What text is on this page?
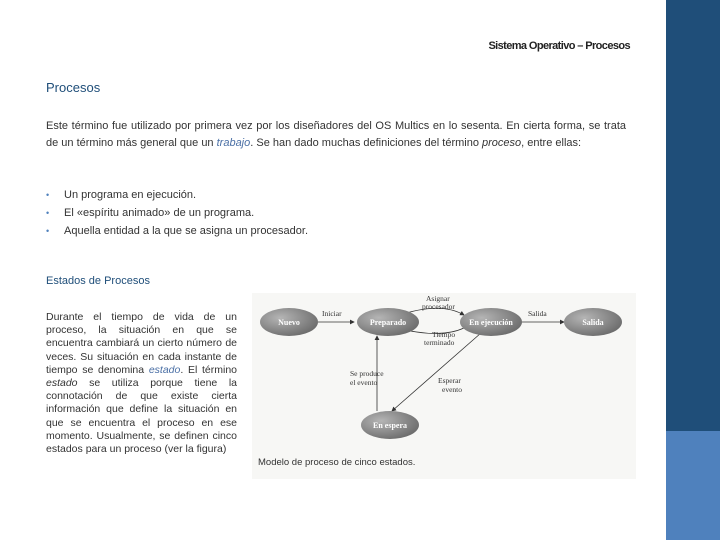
Sistema Operativo – Procesos
Procesos
Este término fue utilizado por primera vez por los diseñadores del OS Multics en lo sesenta. En cierta forma, se trata de un término más general que un trabajo. Se han dado muchas definiciones del término proceso, entre ellas:
• Un programa en ejecución.
• El «espíritu animado» de un programa.
• Aquella entidad a la que se asigna un procesador.
Estados de Procesos
Durante el tiempo de vida de un proceso, la situación en que se encuentra cambiará un cierto número de veces. Su situación en cada instante de tiempo se denomina estado. El término estado se utiliza porque tiene la connotación de que existe cierta información que define la situación en que se encuentra el proceso en ese momento. Usualmente, se definen cinco estados para un proceso (ver la figura)
Nuevo	Preparado	En ejecución	Salida
En espera
Iniciar
Asignar
procesador
Salida
Tiempo
terminado
Se produce
el evento	Esperar
evento
Modelo de proceso de cinco estados.
